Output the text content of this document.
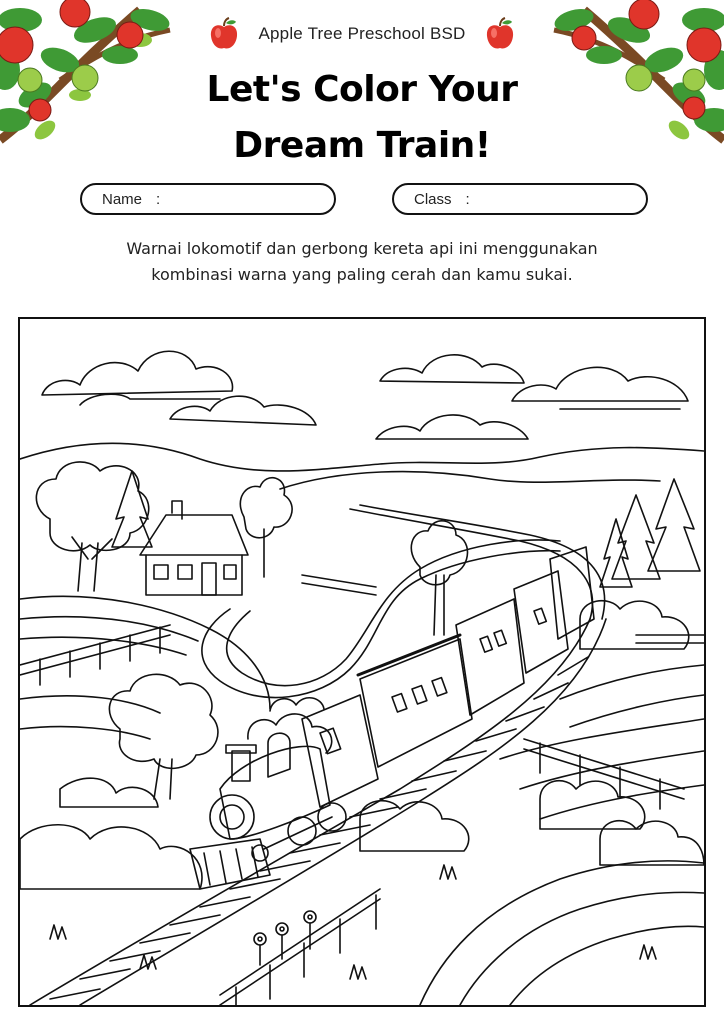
Apple Tree Preschool BSD
Let's Color Your
Dream Train!
Name :	Class :
Warnai lokomotif dan gerbong kereta api ini menggunakan
kombinasi warna yang paling cerah dan kamu sukai.
